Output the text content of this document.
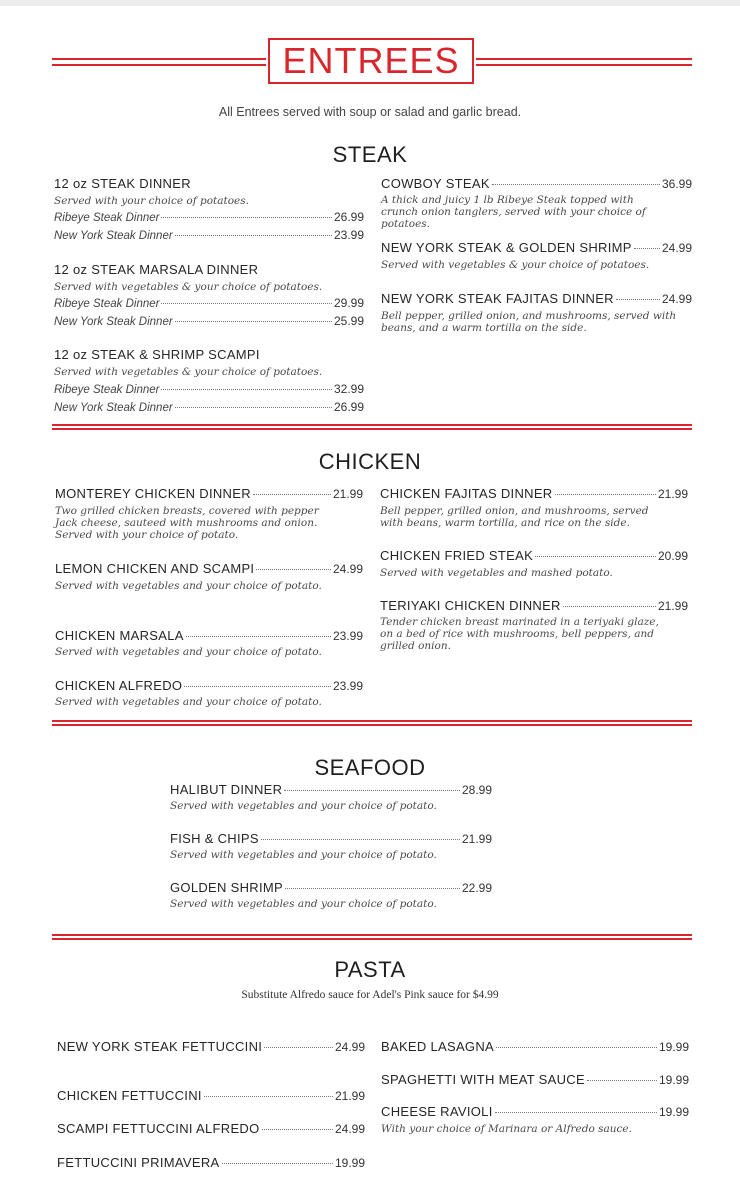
ENTREES
All Entrees served with soup or salad and garlic bread.
STEAK
12 oz STEAK DINNER
Served with your choice of potatoes.
Ribeye Steak Dinner	26.99
New York Steak Dinner	23.99
12 oz STEAK MARSALA DINNER
Served with vegetables & your choice of potatoes.
Ribeye Steak Dinner	29.99
New York Steak Dinner	25.99
12 oz STEAK & SHRIMP SCAMPI
Served with vegetables & your choice of potatoes.
Ribeye Steak Dinner	32.99
New York Steak Dinner	26.99
COWBOY STEAK	36.99
A thick and juicy 1 lb Ribeye Steak topped with crunch onion tanglers, served with your choice of potatoes.
NEW YORK STEAK & GOLDEN SHRIMP	24.99
Served with vegetables & your choice of potatoes.
NEW YORK STEAK FAJITAS DINNER	24.99
Bell pepper, grilled onion, and mushrooms, served with beans, and a warm tortilla on the side.
CHICKEN
MONTEREY CHICKEN DINNER	21.99
Two grilled chicken breasts, covered with pepper Jack cheese, sauteed with mushrooms and onion. Served with your choice of potato.
LEMON CHICKEN AND SCAMPI	24.99
Served with vegetables and your choice of potato.
CHICKEN MARSALA	23.99
Served with vegetables and your choice of potato.
CHICKEN ALFREDO	23.99
Served with vegetables and your choice of potato.
CHICKEN FAJITAS DINNER	21.99
Bell pepper, grilled onion, and mushrooms, served with beans, warm tortilla, and rice on the side.
CHICKEN FRIED STEAK	20.99
Served with vegetables and mashed potato.
TERIYAKI CHICKEN DINNER	21.99
Tender chicken breast marinated in a teriyaki glaze, on a bed of rice with mushrooms, bell peppers, and grilled onion.
SEAFOOD
HALIBUT DINNER	28.99
Served with vegetables and your choice of potato.
FISH & CHIPS	21.99
Served with vegetables and your choice of potato.
GOLDEN SHRIMP	22.99
Served with vegetables and your choice of potato.
PASTA
Substitute Alfredo sauce for Adel's Pink sauce for $4.99
NEW YORK STEAK FETTUCCINI	24.99
CHICKEN FETTUCCINI	21.99
SCAMPI FETTUCCINI ALFREDO	24.99
FETTUCCINI PRIMAVERA	19.99
BAKED LASAGNA	19.99
SPAGHETTI WITH MEAT SAUCE	19.99
CHEESE RAVIOLI	19.99
With your choice of Marinara or Alfredo sauce.
